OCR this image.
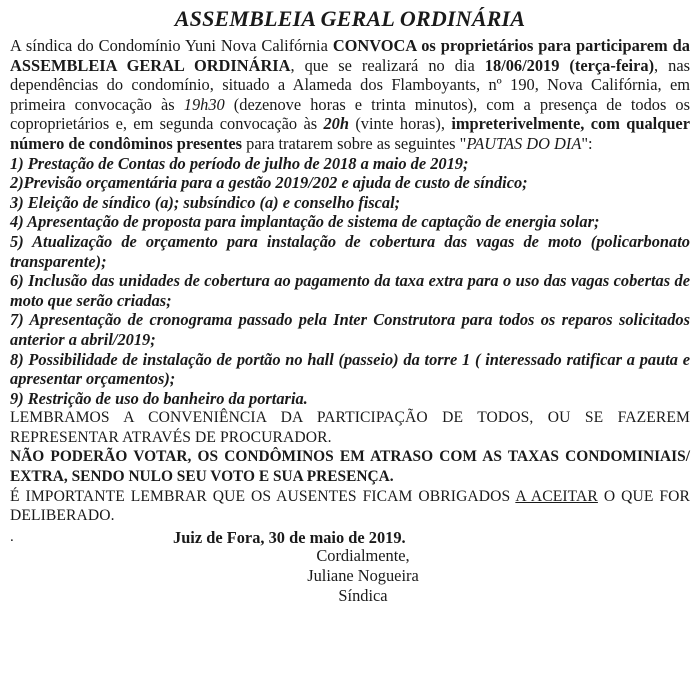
ASSEMBLEIA GERAL ORDINÁRIA

A síndica do Condomínio Yuni Nova Califórnia CONVOCA os proprietários para participarem da ASSEMBLEIA GERAL ORDINÁRIA, que se realizará no dia 18/06/2019 (terça-feira), nas dependências do condomínio, situado a Alameda dos Flamboyants, nº 190, Nova Califórnia, em primeira convocação às 19h30 (dezenove horas e trinta minutos), com a presença de todos os coproprietários e, em segunda convocação às 20h (vinte horas), impreterivelmente, com qualquer número de condôminos presentes para tratarem sobre as seguintes "PAUTAS DO DIA":

1) Prestação de Contas do período de julho de 2018 a maio de 2019;
2)Previsão orçamentária para a gestão 2019/202 e ajuda de custo de síndico;
3) Eleição de síndico (a); subsíndico (a) e conselho fiscal;
4) Apresentação de proposta para implantação de sistema de captação de energia solar;
5) Atualização de orçamento para instalação de cobertura das vagas de moto (policarbonato transparente);
6) Inclusão das unidades de cobertura ao pagamento da taxa extra para o uso das vagas cobertas de moto que serão criadas;
7) Apresentação de cronograma passado pela Inter Construtora para todos os reparos solicitados anterior a abril/2019;
8) Possibilidade de instalação de portão no hall (passeio) da torre 1 ( interessado ratificar a pauta e apresentar orçamentos);
9) Restrição de uso do banheiro da portaria.

LEMBRAMOS A CONVENIÊNCIA DA PARTICIPAÇÃO DE TODOS, OU SE FAZEREM REPRESENTAR ATRAVÉS DE PROCURADOR.

NÃO PODERÃO VOTAR, OS CONDÔMINOS EM ATRASO COM AS TAXAS CONDOMINIAIS/ EXTRA, SENDO NULO SEU VOTO E SUA PRESENÇA.

É IMPORTANTE LEMBRAR QUE OS AUSENTES FICAM OBRIGADOS A ACEITAR O QUE FOR DELIBERADO.

.	Juiz de Fora, 30 de maio de 2019.
Cordialmente,
Juliane Nogueira
Síndica
